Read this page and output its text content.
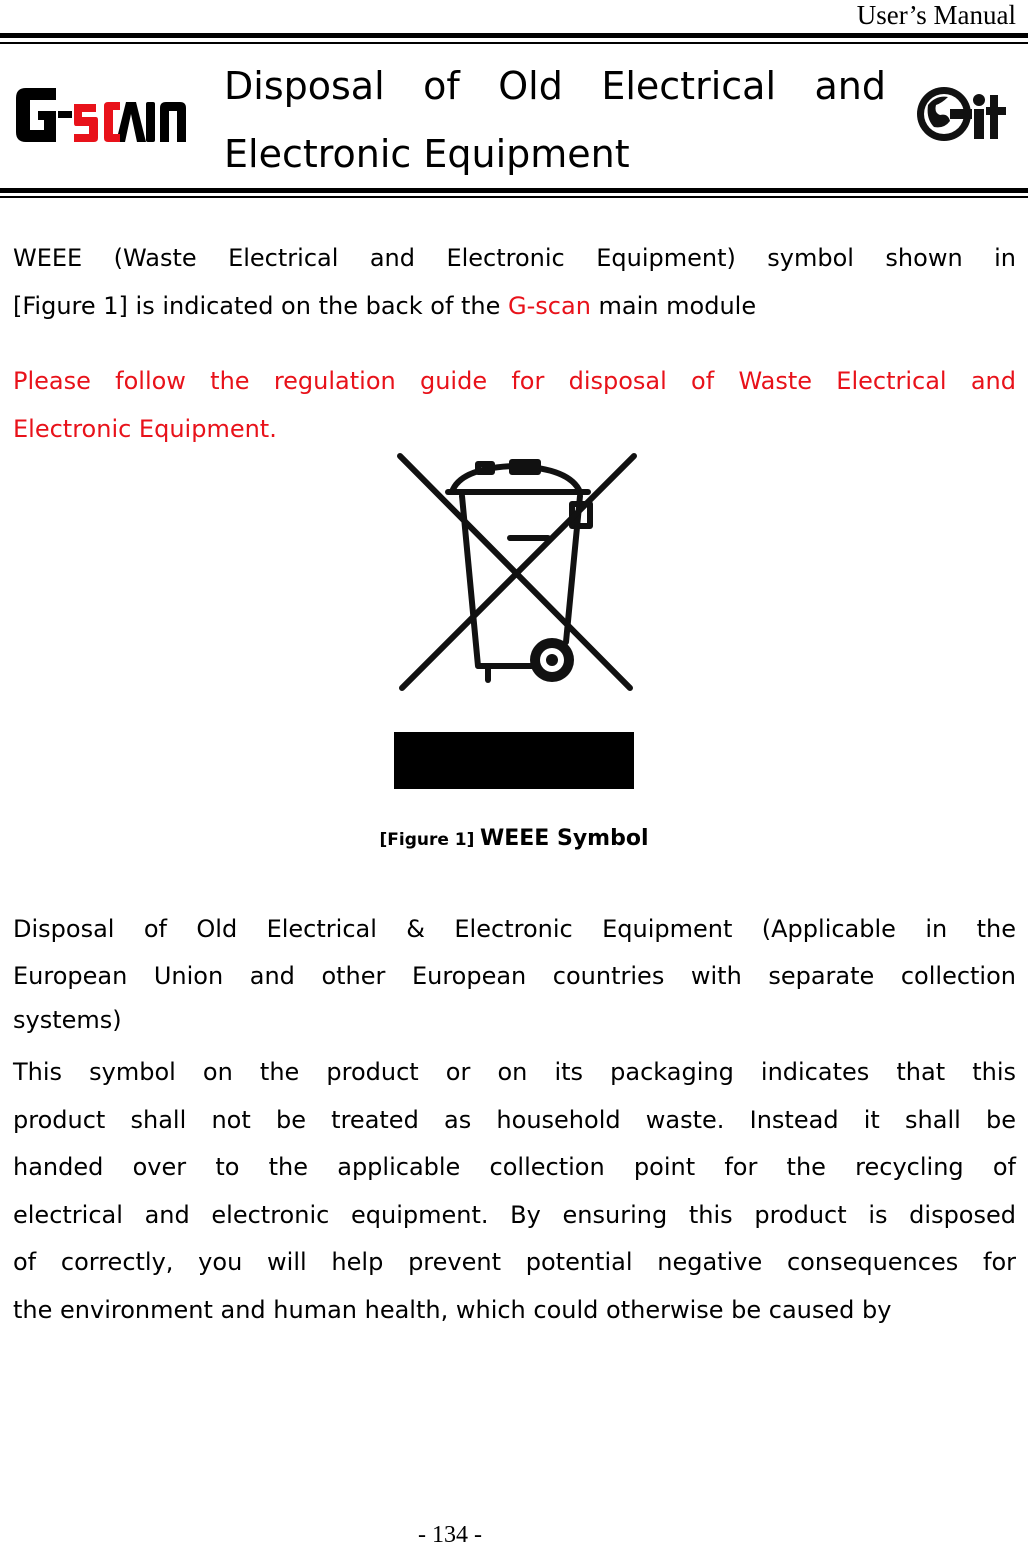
User’s Manual
Disposal of Old Electrical and
Electronic Equipment
WEEE (Waste Electrical and Electronic Equipment) symbol shown in
[Figure 1] is indicated on the back of the G-scan main module
Please follow the regulation guide for disposal of Waste Electrical and
Electronic Equipment.
[Figure 1] WEEE Symbol
Disposal of Old Electrical & Electronic Equipment (Applicable in the
European Union and other European countries with separate collection
systems)
This symbol on the product or on its packaging indicates that this
product shall not be treated as household waste. Instead it shall be
handed over to the applicable collection point for the recycling of
electrical and electronic equipment. By ensuring this product is disposed
of correctly, you will help prevent potential negative consequences for
the environment and human health, which could otherwise be caused by
- 134 -
